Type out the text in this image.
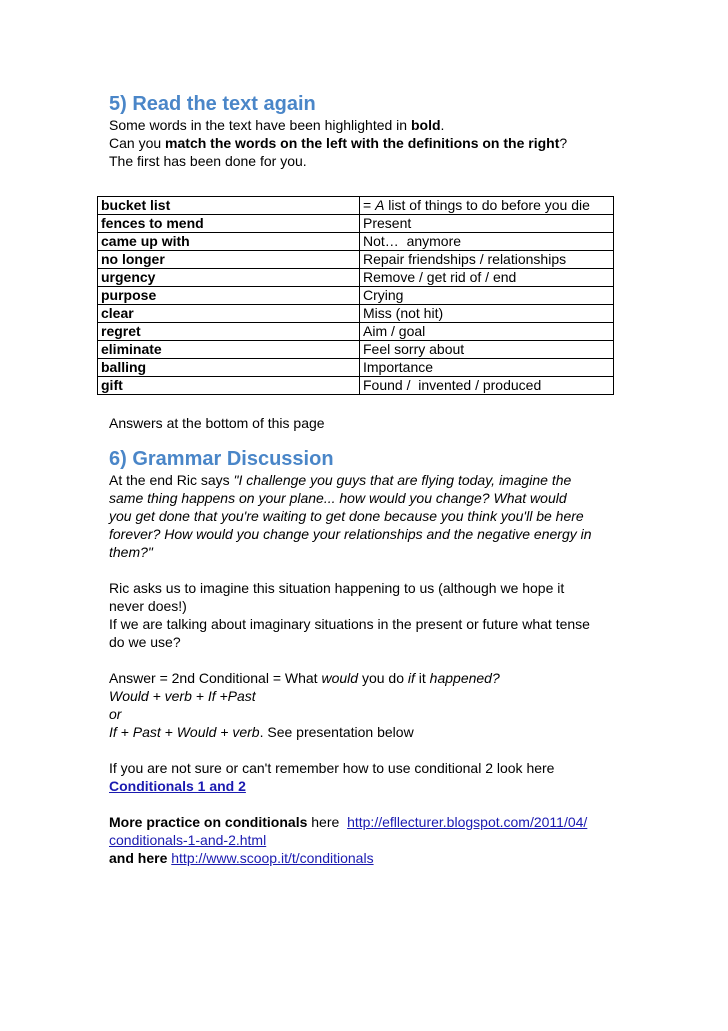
5) Read the text again

Some words in the text have been highlighted in bold.

Can you match the words on the left with the definitions on the right?

The first has been done for you.

bucket list	= A list of things to do before you die
fences to mend	Present
came up with	Not…  anymore
no longer	Repair friendships / relationships
urgency	Remove / get rid of / end
purpose	Crying
clear	Miss (not hit)
regret	Aim / goal
eliminate	Feel sorry about
balling	Importance
gift	Found /  invented / produced

Answers at the bottom of this page

6) Grammar Discussion

At the end Ric says "I challenge you guys that are flying today, imagine the

same thing happens on your plane... how would you change? What would

you get done that you're waiting to get done because you think you'll be here

forever? How would you change your relationships and the negative energy in

them?"

Ric asks us to imagine this situation happening to us (although we hope it

never does!)

If we are talking about imaginary situations in the present or future what tense

do we use?

Answer = 2nd Conditional = What would you do if it happened?

Would + verb + If +Past

or

If + Past + Would + verb. See presentation below

If you are not sure or can't remember how to use conditional 2 look here

Conditionals 1 and 2

More practice on conditionals here  http://efllecturer.blogspot.com/2011/04/

conditionals-1-and-2.html

and here http://www.scoop.it/t/conditionals
